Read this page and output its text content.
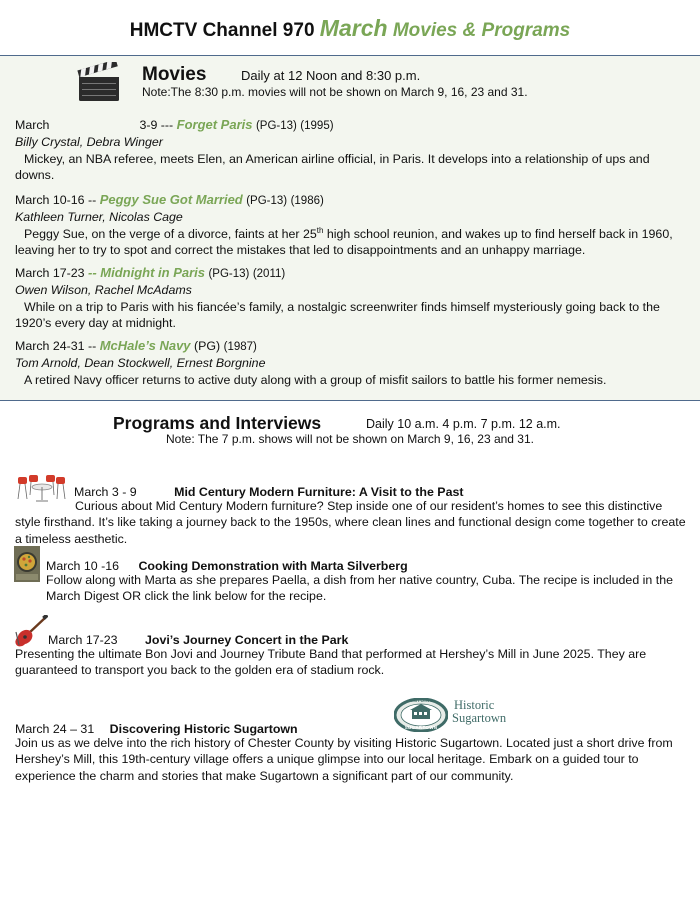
HMCTV Channel 970 March Movies & Programs
Movies	Daily at 12 Noon and 8:30 p.m.
Note:The 8:30 p.m. movies will not be shown on March 9, 16, 23 and 31.
March	3-9 --- Forget Paris (PG-13) (1995)
Billy Crystal, Debra Winger
Mickey, an NBA referee, meets Elen, an American airline official, in Paris. It develops into a relationship of ups and downs.
March 10-16 -- Peggy Sue Got Married (PG-13) (1986)
Kathleen Turner, Nicolas Cage
Peggy Sue, on the verge of a divorce, faints at her 25th high school reunion, and wakes up to find herself back in 1960, leaving her to try to spot and correct the mistakes that led to disappointments and an unhappy marriage.
March 17-23 -- Midnight in Paris (PG-13) (2011)
Owen Wilson, Rachel McAdams
While on a trip to Paris with his fiancée’s family, a nostalgic screenwriter finds himself mysteriously going back to the 1920’s every day at midnight.
March 24-31 -- McHale’s Navy (PG) (1987)
Tom Arnold, Dean Stockwell, Ernest Borgnine
A retired Navy officer returns to active duty along with a group of misfit sailors to battle his former nemesis.
Programs and Interviews	Daily 10 a.m. 4 p.m. 7 p.m. 12 a.m.
Note: The 7 p.m. shows will not be shown on March 9, 16, 23 and 31.
March 3 - 9	Mid Century Modern Furniture: A Visit to the Past
Curious about Mid Century Modern furniture? Step inside one of our resident’s homes to see this distinctive style firsthand. It’s like taking a journey back to the 1950s, where clean lines and functional design come together to create a timeless aesthetic.
March 10 -16 Cooking Demonstration with Marta Silverberg
Follow along with Marta as she prepares Paella, a dish from her native country, Cuba. The recipe is included in the March Digest OR click the link below for the recipe.
March 17-23 Jovi’s Journey Concert in the Park
Presenting the ultimate Bon Jovi and Journey Tribute Band that performed at Hershey’s Mill in June 2025. They are guaranteed to transport you back to the golden era of stadium rock.
HISTORIC
SUGARTOWN
Historic
Sugartown
March 24 – 31 Discovering Historic Sugartown
Join us as we delve into the rich history of Chester County by visiting Historic Sugartown. Located just a short drive from Hershey’s Mill, this 19th-century village offers a unique glimpse into our local heritage. Embark on a guided tour to experience the charm and stories that make Sugartown a significant part of our community.
